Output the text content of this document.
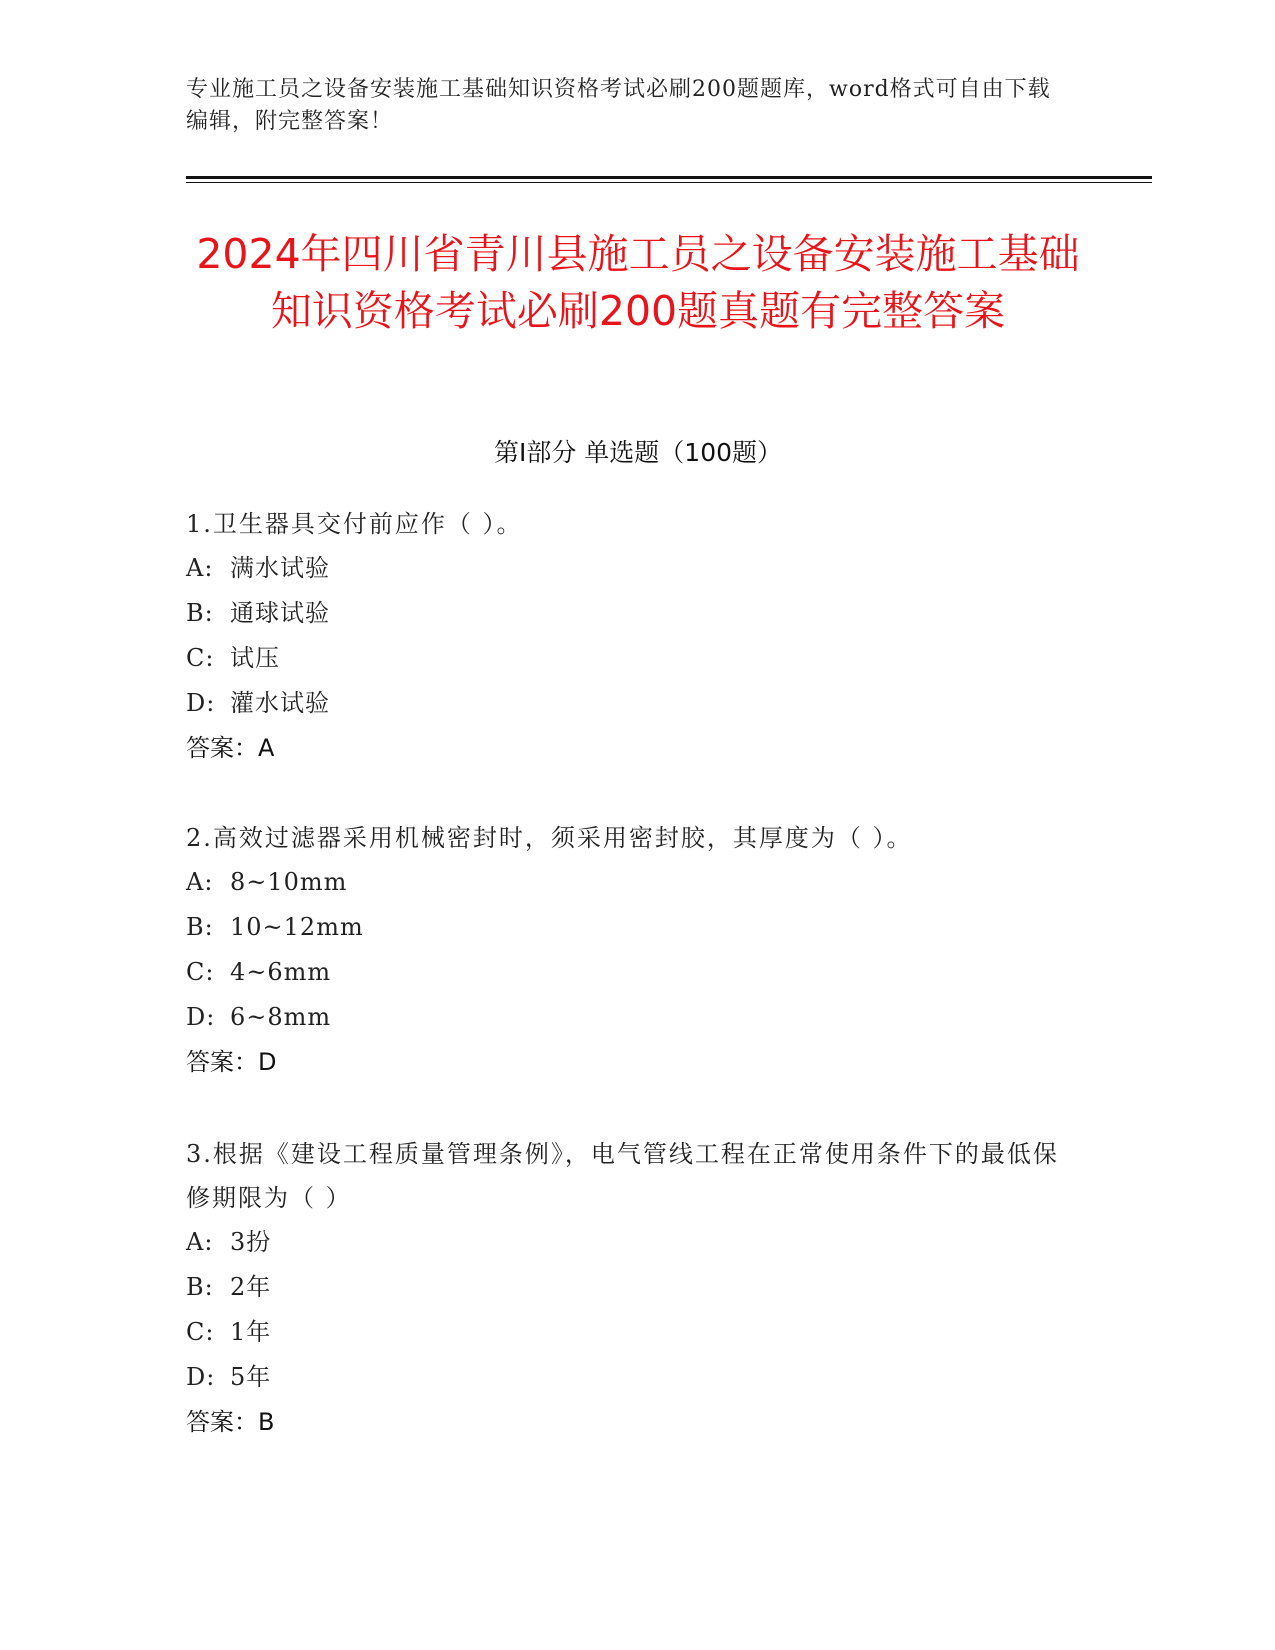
专业施工员之设备安装施工基础知识资格考试必刷200题题库，word格式可自由下载编辑，附完整答案！
2024年四川省青川县施工员之设备安装施工基础知识资格考试必刷200题真题有完整答案
第Ⅰ部分 单选题（100题）
1.卫生器具交付前应作（ ）。
A: 满水试验
B: 通球试验
C: 试压
D: 灌水试验
答案：A
2.高效过滤器采用机械密封时，须采用密封胶，其厚度为（ ）。
A: 8~10mm
B: 10~12mm
C: 4~6mm
D: 6~8mm
答案：D
3.根据《建设工程质量管理条例》，电气管线工程在正常使用条件下的最低保修期限为（ ）
A: 3扮
B: 2年
C: 1年
D: 5年
答案：B
